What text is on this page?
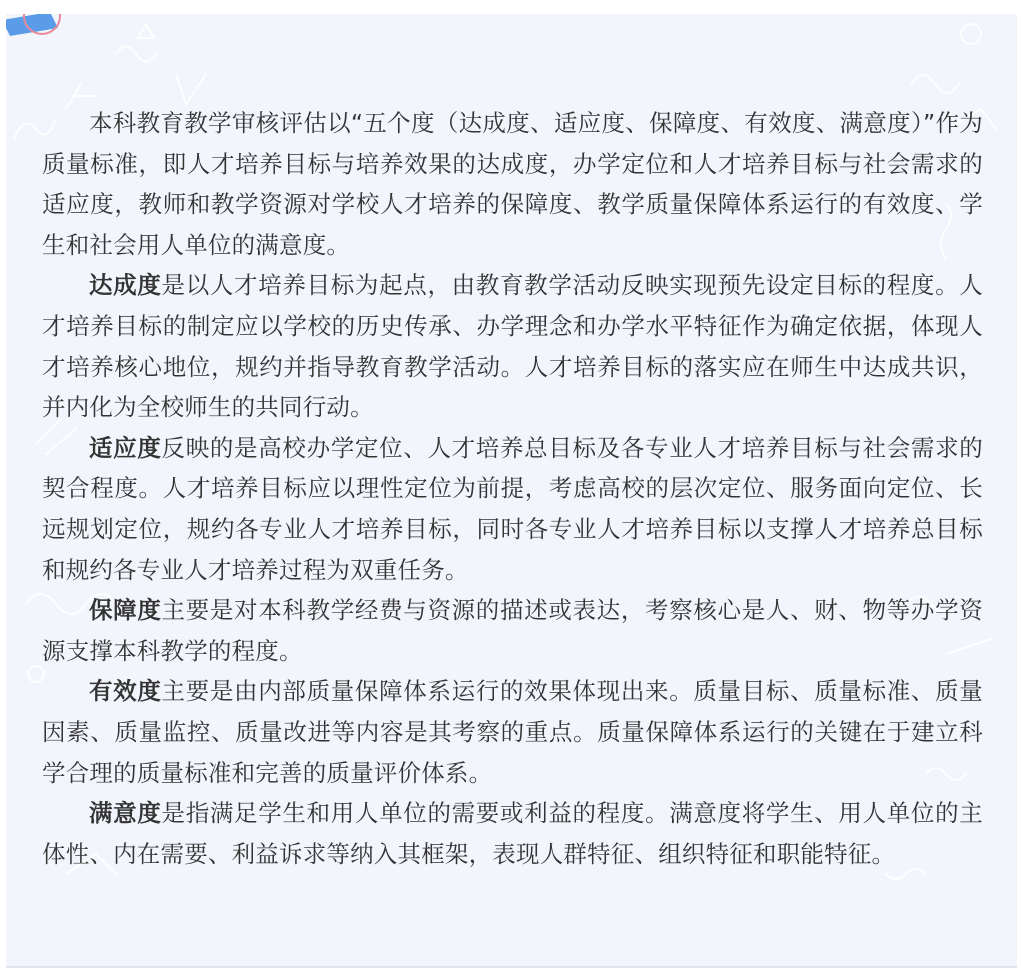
本科教育教学审核评估以“五个度（达成度、适应度、保障度、有效度、满意度）”作为质量标准，即人才培养目标与培养效果的达成度，办学定位和人才培养目标与社会需求的适应度，教师和教学资源对学校人才培养的保障度、教学质量保障体系运行的有效度、学生和社会用人单位的满意度。

达成度是以人才培养目标为起点，由教育教学活动反映实现预先设定目标的程度。人才培养目标的制定应以学校的历史传承、办学理念和办学水平特征作为确定依据，体现人才培养核心地位，规约并指导教育教学活动。人才培养目标的落实应在师生中达成共识，并内化为全校师生的共同行动。

适应度反映的是高校办学定位、人才培养总目标及各专业人才培养目标与社会需求的契合程度。人才培养目标应以理性定位为前提，考虑高校的层次定位、服务面向定位、长远规划定位，规约各专业人才培养目标，同时各专业人才培养目标以支撑人才培养总目标和规约各专业人才培养过程为双重任务。

保障度主要是对本科教学经费与资源的描述或表达，考察核心是人、财、物等办学资源支撑本科教学的程度。

有效度主要是由内部质量保障体系运行的效果体现出来。质量目标、质量标准、质量因素、质量监控、质量改进等内容是其考察的重点。质量保障体系运行的关键在于建立科学合理的质量标准和完善的质量评价体系。

满意度是指满足学生和用人单位的需要或利益的程度。满意度将学生、用人单位的主体性、内在需要、利益诉求等纳入其框架，表现人群特征、组织特征和职能特征。
